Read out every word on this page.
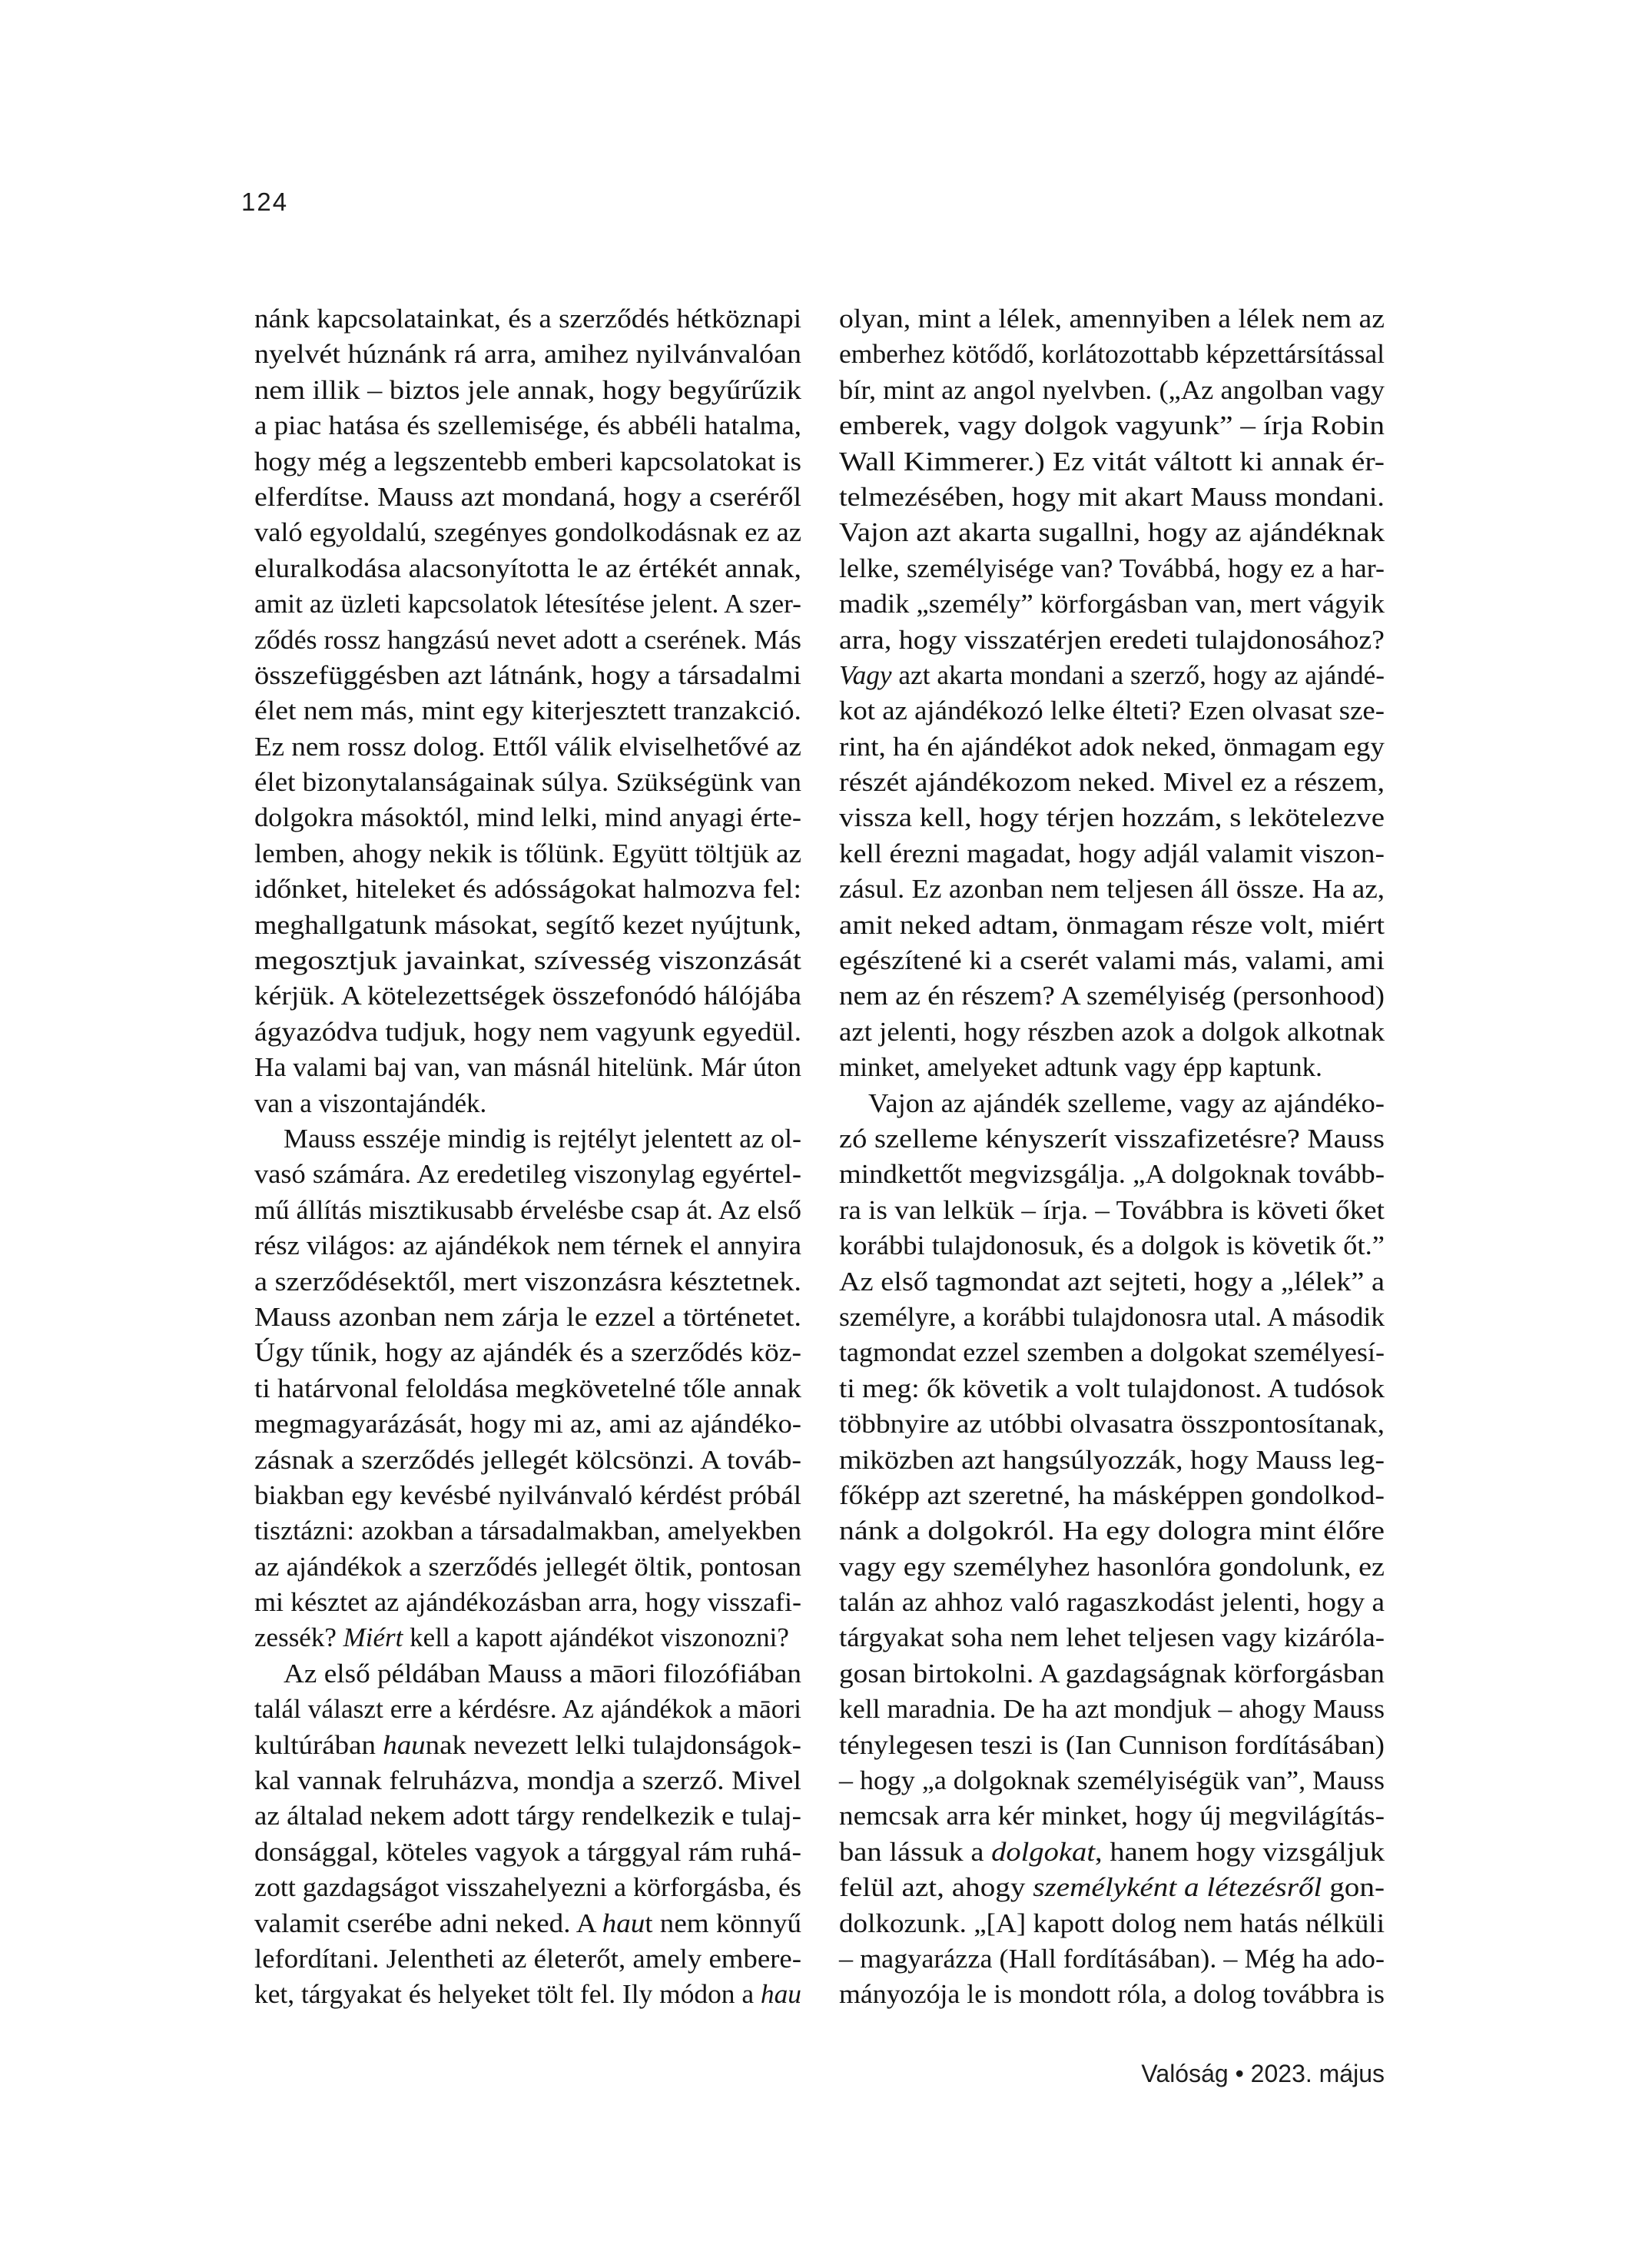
124
nánk kapcsolatainkat, és a szerződés hétköznapi
nyelvét húznánk rá arra, amihez nyilvánvalóan
nem illik – biztos jele annak, hogy begyűrűzik
a piac hatása és szellemisége, és abbéli hatalma,
hogy még a legszentebb emberi kapcsolatokat is
elferdítse. Mauss azt mondaná, hogy a cseréről
való egyoldalú, szegényes gondolkodásnak ez az
eluralkodása alacsonyította le az értékét annak,
amit az üzleti kapcsolatok létesítése jelent. A szer-
ződés rossz hangzású nevet adott a cserének. Más
összefüggésben azt látnánk, hogy a társadalmi
élet nem más, mint egy kiterjesztett tranzakció.
Ez nem rossz dolog. Ettől válik elviselhetővé az
élet bizonytalanságainak súlya. Szükségünk van
dolgokra másoktól, mind lelki, mind anyagi érte-
lemben, ahogy nekik is tőlünk. Együtt töltjük az
időnket, hiteleket és adósságokat halmozva fel:
meghallgatunk másokat, segítő kezet nyújtunk,
megosztjuk javainkat, szívesség viszonzását
kérjük. A kötelezettségek összefonódó hálójába
ágyazódva tudjuk, hogy nem vagyunk egyedül.
Ha valami baj van, van másnál hitelünk. Már úton
van a viszontajándék.
Mauss esszéje mindig is rejtélyt jelentett az ol-
vasó számára. Az eredetileg viszonylag egyértel-
mű állítás misztikusabb érvelésbe csap át. Az első
rész világos: az ajándékok nem térnek el annyira
a szerződésektől, mert viszonzásra késztetnek.
Mauss azonban nem zárja le ezzel a történetet.
Úgy tűnik, hogy az ajándék és a szerződés köz-
ti határvonal feloldása megkövetelné tőle annak
megmagyarázását, hogy mi az, ami az ajándéko-
zásnak a szerződés jellegét kölcsönzi. A továb-
biakban egy kevésbé nyilvánvaló kérdést próbál
tisztázni: azokban a társadalmakban, amelyekben
az ajándékok a szerződés jellegét öltik, pontosan
mi késztet az ajándékozásban arra, hogy visszafi-
zessék? Miért kell a kapott ajándékot viszonozni?
Az első példában Mauss a māori filozófiában
talál választ erre a kérdésre. Az ajándékok a māori
kultúrában haunak nevezett lelki tulajdonságok-
kal vannak felruházva, mondja a szerző. Mivel
az általad nekem adott tárgy rendelkezik e tulaj-
donsággal, köteles vagyok a tárggyal rám ruhá-
zott gazdagságot visszahelyezni a körforgásba, és
valamit cserébe adni neked. A haut nem könnyű
lefordítani. Jelentheti az életerőt, amely embere-
ket, tárgyakat és helyeket tölt fel. Ily módon a hau
olyan, mint a lélek, amennyiben a lélek nem az
emberhez kötődő, korlátozottabb képzettársítással
bír, mint az angol nyelvben. („Az angolban vagy
emberek, vagy dolgok vagyunk” – írja Robin
Wall Kimmerer.) Ez vitát váltott ki annak ér-
telmezésében, hogy mit akart Mauss mondani.
Vajon azt akarta sugallni, hogy az ajándéknak
lelke, személyisége van? Továbbá, hogy ez a har-
madik „személy” körforgásban van, mert vágyik
arra, hogy visszatérjen eredeti tulajdonosához?
Vagy azt akarta mondani a szerző, hogy az ajándé-
kot az ajándékozó lelke élteti? Ezen olvasat sze-
rint, ha én ajándékot adok neked, önmagam egy
részét ajándékozom neked. Mivel ez a részem,
vissza kell, hogy térjen hozzám, s lekötelezve
kell érezni magadat, hogy adjál valamit viszon-
zásul. Ez azonban nem teljesen áll össze. Ha az,
amit neked adtam, önmagam része volt, miért
egészítené ki a cserét valami más, valami, ami
nem az én részem? A személyiség (personhood)
azt jelenti, hogy részben azok a dolgok alkotnak
minket, amelyeket adtunk vagy épp kaptunk.
Vajon az ajándék szelleme, vagy az ajándéko-
zó szelleme kényszerít visszafizetésre? Mauss
mindkettőt megvizsgálja. „A dolgoknak tovább-
ra is van lelkük – írja. – Továbbra is követi őket
korábbi tulajdonosuk, és a dolgok is követik őt.”
Az első tagmondat azt sejteti, hogy a „lélek” a
személyre, a korábbi tulajdonosra utal. A második
tagmondat ezzel szemben a dolgokat személyesí-
ti meg: ők követik a volt tulajdonost. A tudósok
többnyire az utóbbi olvasatra összpontosítanak,
miközben azt hangsúlyozzák, hogy Mauss leg-
főképp azt szeretné, ha másképpen gondolkod-
nánk a dolgokról. Ha egy dologra mint élőre
vagy egy személyhez hasonlóra gondolunk, ez
talán az ahhoz való ragaszkodást jelenti, hogy a
tárgyakat soha nem lehet teljesen vagy kizáróla-
gosan birtokolni. A gazdagságnak körforgásban
kell maradnia. De ha azt mondjuk – ahogy Mauss
ténylegesen teszi is (Ian Cunnison fordításában)
– hogy „a dolgoknak személyiségük van”, Mauss
nemcsak arra kér minket, hogy új megvilágítás-
ban lássuk a dolgokat, hanem hogy vizsgáljuk
felül azt, ahogy személyként a létezésről gon-
dolkozunk. „[A] kapott dolog nem hatás nélküli
– magyarázza (Hall fordításában). – Még ha ado-
mányozója le is mondott róla, a dolog továbbra is
Valóság • 2023. május
